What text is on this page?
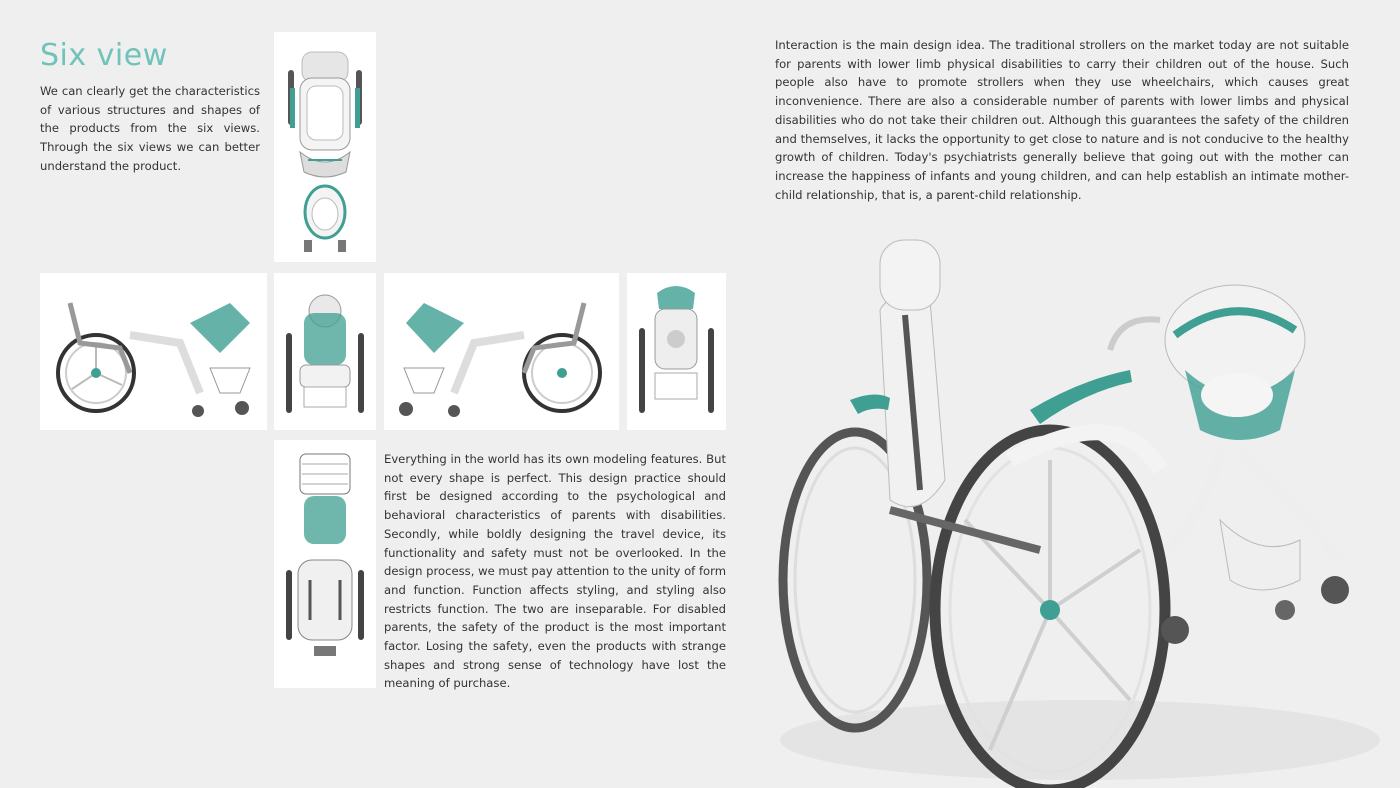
Six view

We can clearly get the characteristics of various structures and shapes of the products from the six views. Through the six views we can better understand the product.

Interaction is the main design idea. The traditional strollers on the market today are not suitable for parents with lower limb physical disabilities to carry their children out of the house. Such people also have to promote strollers when they use wheelchairs, which causes great inconvenience. There are also a considerable number of parents with lower limbs and physical disabilities who do not take their children out. Although this guarantees the safety of the children and themselves, it lacks the opportunity to get close to nature and is not conducive to the healthy growth of children. Today's psychiatrists generally believe that going out with the mother can increase the happiness of infants and young children, and can help establish an intimate mother-child relationship, that is, a parent-child relationship.

Everything in the world has its own modeling features. But not every shape is perfect. This design practice should first be designed according to the psychological and behavioral characteristics of parents with disabilities. Secondly, while boldly designing the travel device, its functionality and safety must not be overlooked. In the design process, we must pay attention to the unity of form and function. Function affects styling, and styling also restricts function. The two are inseparable. For disabled parents, the safety of the product is the most important factor. Losing the safety, even the products with strange shapes and strong sense of technology have lost the meaning of purchase.
